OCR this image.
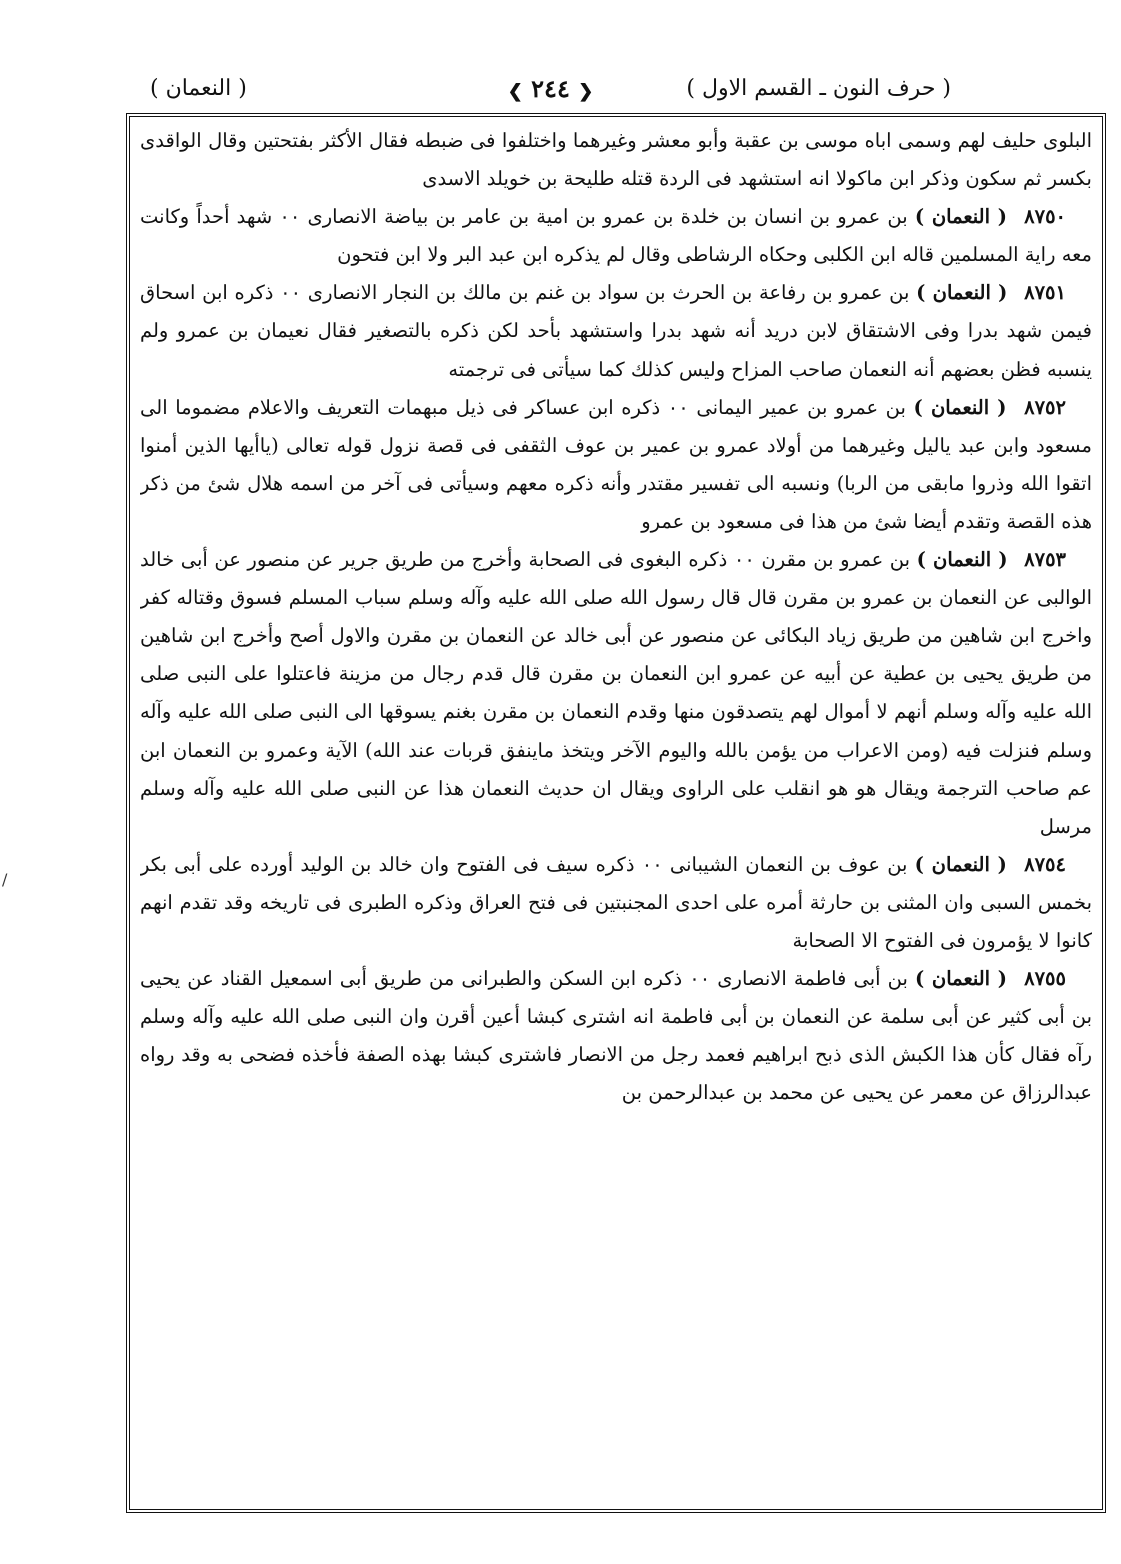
( حرف النون ـ القسم الاول )
❮ ٢٤٤ ❯
( النعمان )

البلوى حليف لهم وسمى اباه موسى بن عقبة وأبو معشر وغيرهما واختلفوا فى ضبطه فقال الأكثر بفتحتين وقال الواقدى بكسر ثم سكون وذكر ابن ماكولا انه استشهد فى الردة قتله طليحة بن خويلد الاسدى

٨٧٥٠ ( النعمان ) بن عمرو بن انسان بن خلدة بن عمرو بن امية بن عامر بن بياضة الانصارى ٠٠ شهد أحداً وكانت معه راية المسلمين قاله ابن الكلبى وحكاه الرشاطى وقال لم يذكره ابن عبد البر ولا ابن فتحون

٨٧٥١ ( النعمان ) بن عمرو بن رفاعة بن الحرث بن سواد بن غنم بن مالك بن النجار الانصارى ٠٠ ذكره ابن اسحاق فيمن شهد بدرا وفى الاشتقاق لابن دريد أنه شهد بدرا واستشهد بأحد لكن ذكره بالتصغير فقال نعيمان بن عمرو ولم ينسبه فظن بعضهم أنه النعمان صاحب المزاح وليس كذلك كما سيأتى فى ترجمته

٨٧٥٢ ( النعمان ) بن عمرو بن عمير اليمانى ٠٠ ذكره ابن عساكر فى ذيل مبهمات التعريف والاعلام مضموما الى مسعود وابن عبد ياليل وغيرهما من أولاد عمرو بن عمير بن عوف الثقفى فى قصة نزول قوله تعالى (ياأيها الذين أمنوا اتقوا الله وذروا مابقى من الربا) ونسبه الى تفسير مقتدر وأنه ذكره معهم وسيأتى فى آخر من اسمه هلال شئ من ذكر هذه القصة وتقدم أيضا شئ من هذا فى مسعود بن عمرو

٨٧٥٣ ( النعمان ) بن عمرو بن مقرن ٠٠ ذكره البغوى فى الصحابة وأخرج من طريق جرير عن منصور عن أبى خالد الوالبى عن النعمان بن عمرو بن مقرن قال قال رسول الله صلى الله عليه وآله وسلم سباب المسلم فسوق وقتاله كفر واخرج ابن شاهين من طريق زياد البكائى عن منصور عن أبى خالد عن النعمان بن مقرن والاول أصح وأخرج ابن شاهين من طريق يحيى بن عطية عن أبيه عن عمرو ابن النعمان بن مقرن قال قدم رجال من مزينة فاعتلوا على النبى صلى الله عليه وآله وسلم أنهم لا أموال لهم يتصدقون منها وقدم النعمان بن مقرن بغنم يسوقها الى النبى صلى الله عليه وآله وسلم فنزلت فيه (ومن الاعراب من يؤمن بالله واليوم الآخر ويتخذ ماينفق قربات عند الله) الآية وعمرو بن النعمان ابن عم صاحب الترجمة ويقال هو هو انقلب على الراوى ويقال ان حديث النعمان هذا عن النبى صلى الله عليه وآله وسلم مرسل

٨٧٥٤ ( النعمان ) بن عوف بن النعمان الشيبانى ٠٠ ذكره سيف فى الفتوح وان خالد بن الوليد أورده على أبى بكر بخمس السبى وان المثنى بن حارثة أمره على احدى المجنبتين فى فتح العراق وذكره الطبرى فى تاريخه وقد تقدم انهم كانوا لا يؤمرون فى الفتوح الا الصحابة

٨٧٥٥ ( النعمان ) بن أبى فاطمة الانصارى ٠٠ ذكره ابن السكن والطبرانى من طريق أبى اسمعيل القناد عن يحيى بن أبى كثير عن أبى سلمة عن النعمان بن أبى فاطمة انه اشترى كبشا أعين أقرن وان النبى صلى الله عليه وآله وسلم رآه فقال كأن هذا الكبش الذى ذبح ابراهيم فعمد رجل من الانصار فاشترى كبشا بهذه الصفة فأخذه فضحى به وقد رواه عبدالرزاق عن معمر عن يحيى عن محمد بن عبدالرحمن بن

/
